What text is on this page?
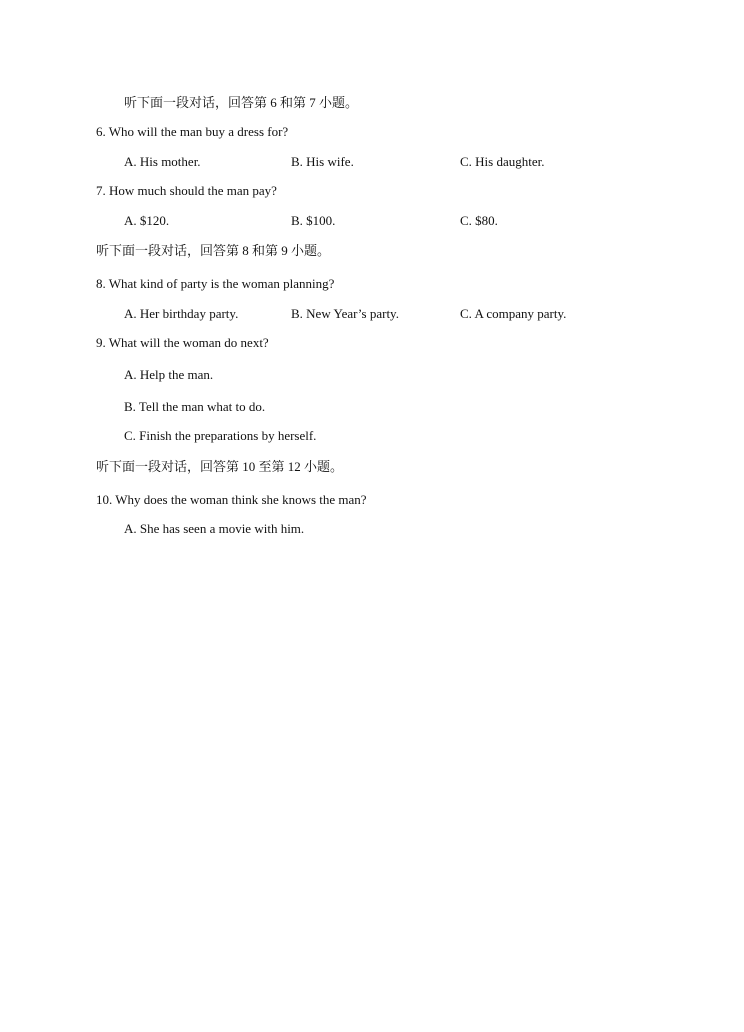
听下面一段对话，回答第 6 和第 7 小题。
6. Who will the man buy a dress for?
A. His mother.	B. His wife.	C. His daughter.
7. How much should the man pay?
A. $120.	B. $100.	C. $80.
听下面一段对话，回答第 8 和第 9 小题。
8. What kind of party is the woman planning?
A. Her birthday party.	B. New Year’s party.	C. A company party.
9. What will the woman do next?
A. Help the man.
B. Tell the man what to do.
C. Finish the preparations by herself.
听下面一段对话，回答第 10 至第 12 小题。
10. Why does the woman think she knows the man?
A. She has seen a movie with him.
